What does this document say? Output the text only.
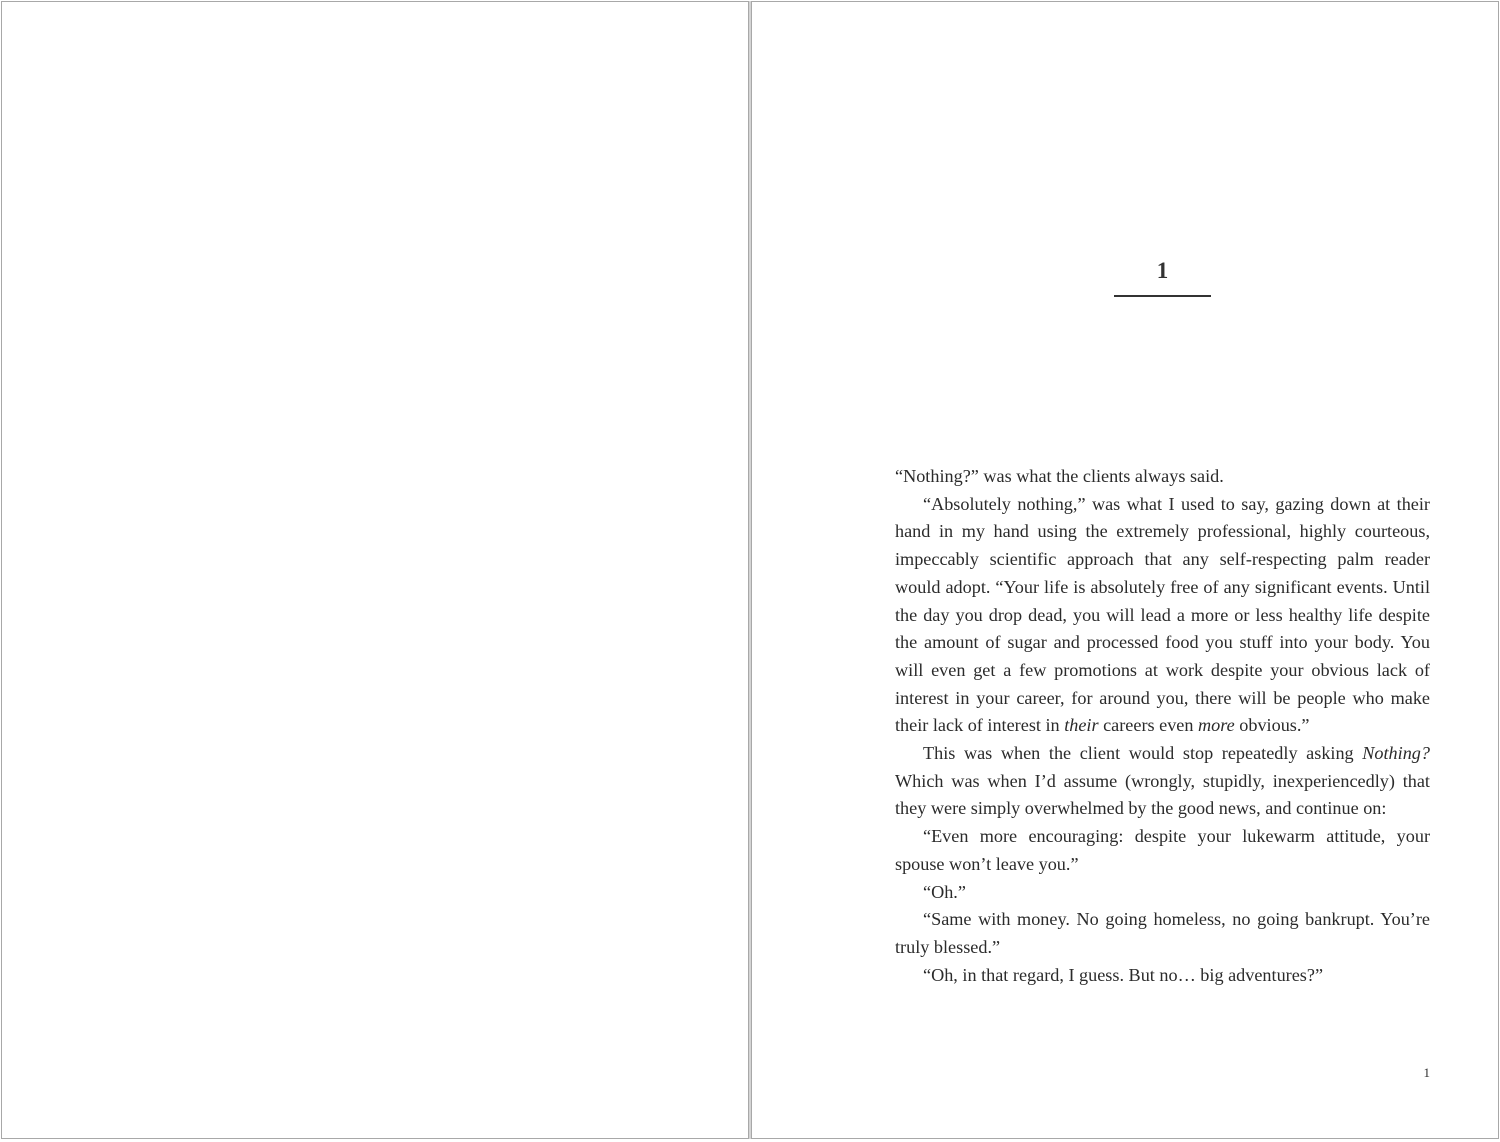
1

“Nothing?” was what the clients always said.

“Absolutely nothing,” was what I used to say, gazing down at their hand in my hand using the extremely professional, highly courteous, impeccably scientific approach that any self-respecting palm reader would adopt. “Your life is absolutely free of any significant events. Until the day you drop dead, you will lead a more or less healthy life despite the amount of sugar and processed food you stuff into your body. You will even get a few promotions at work despite your obvious lack of interest in your career, for around you, there will be people who make their lack of interest in their careers even more obvious.”

This was when the client would stop repeatedly asking Nothing? Which was when I’d assume (wrongly, stupidly, inexperiencedly) that they were simply overwhelmed by the good news, and continue on:

“Even more encouraging: despite your lukewarm attitude, your spouse won’t leave you.”

“Oh.”

“Same with money. No going homeless, no going bankrupt. You’re truly blessed.”

“Oh, in that regard, I guess. But no… big adventures?”

1
